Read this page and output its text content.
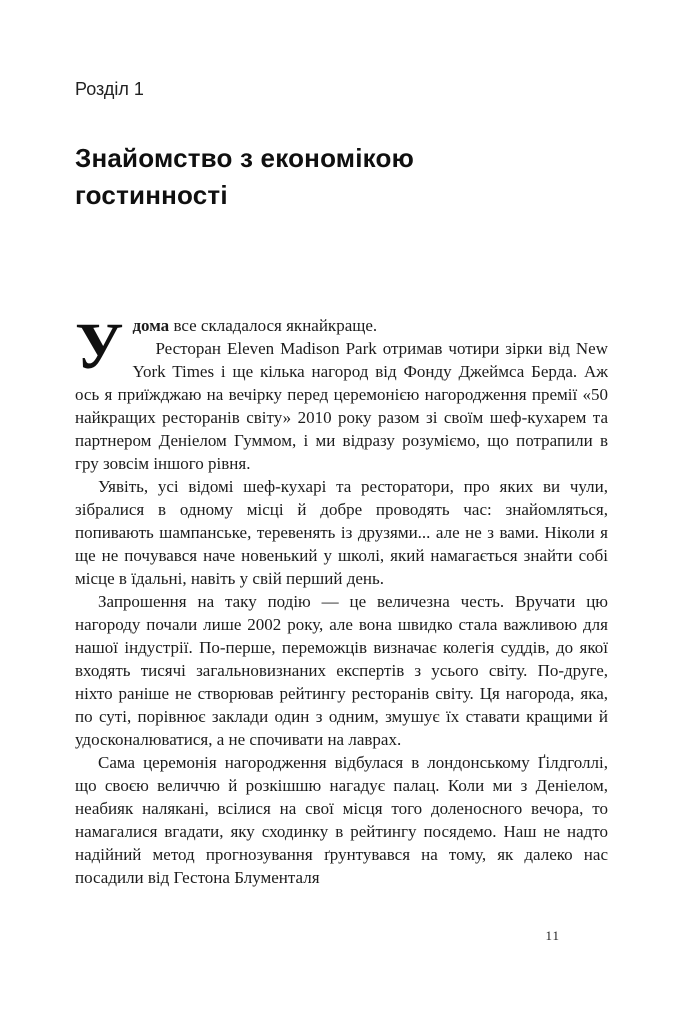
Розділ 1
Знайомство з економікою гостинності
У дома все складалося якнайкраще.

Ресторан Eleven Madison Park отримав чотири зірки від New York Times і ще кілька нагород від Фонду Джеймса Берда. Аж ось я приїжджаю на вечірку перед церемонією нагородження премії «50 найкращих ресторанів світу» 2010 року разом зі своїм шеф-кухарем та партнером Деніелом Гуммом, і ми відразу розуміємо, що потрапили в гру зовсім іншого рівня.

Уявіть, усі відомі шеф-кухарі та ресторатори, про яких ви чули, зібралися в одному місці й добре проводять час: знайомляться, попивають шампанське, теревенять із друзями... але не з вами. Ніколи я ще не почувався наче новенький у школі, який намагається знайти собі місце в їдальні, навіть у свій перший день.

Запрошення на таку подію — це величезна честь. Вручати цю нагороду почали лише 2002 року, але вона швидко стала важливою для нашої індустрії. По-перше, переможців визначає колегія суддів, до якої входять тисячі загальновизнаних експертів з усього світу. По-друге, ніхто раніше не створював рейтингу ресторанів світу. Ця нагорода, яка, по суті, порівнює заклади один з одним, змушує їх ставати кращими й удосконалюватися, а не спочивати на лаврах.

Сама церемонія нагородження відбулася в лондонському Ґілдголлі, що своєю величчю й розкішшю нагадує палац. Коли ми з Деніелом, неабияк налякані, всілися на свої місця того доленосного вечора, то намагалися вгадати, яку сходинку в рейтингу посядемо. Наш не надто надійний метод прогнозування ґрунтувався на тому, як далеко нас посадили від Гестона Блументаля

11
